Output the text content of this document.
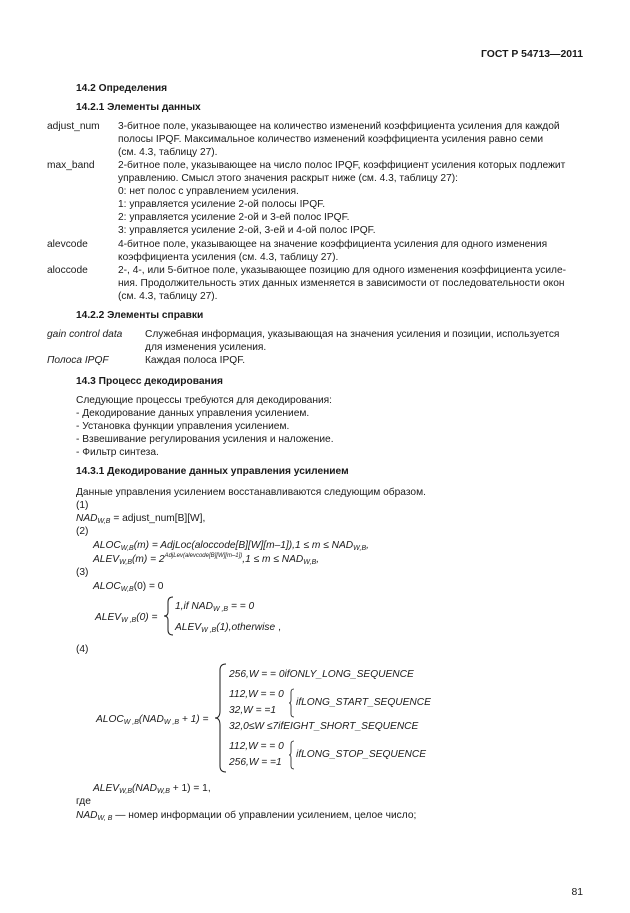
ГОСТ Р 54713—2011
14.2 Определения
14.2.1 Элементы данных
adjust_num 3-битное поле, указывающее на количество изменений коэффициента усиления для каждой
полосы IPQF. Максимальное количество изменений коэффициента усиления равно семи
(см. 4.3, таблицу 27).
max_band 2-битное поле, указывающее на число полос IPQF, коэффициент усиления которых подлежит
управлению. Смысл этого значения раскрыт ниже (см. 4.3, таблицу 27):
0: нет полос с управлением усиления.
1: управляется усиление 2-ой полосы IPQF.
2: управляется усиление 2-ой и 3-ей полос IPQF.
3: управляется усиление 2-ой, 3-ей и 4-ой полос IPQF.
alevcode	4-битное поле, указывающее на значение коэффициента усиления для одного изменения
коэффициента усиления (см. 4.3, таблицу 27).
aloccode	2-, 4-, или 5-битное поле, указывающее позицию для одного изменения коэффициента усиле-
ния. Продолжительность этих данных изменяется в зависимости от последовательности окон
(см. 4.3, таблицу 27).
14.2.2 Элементы справки
gain control data Служебная информация, указывающая на значения усиления и позиции, используется
для изменения усиления.
Полоса IPQF	Каждая полоса IPQF.
14.3 Процесс декодирования
Следующие процессы требуются для декодирования:
- Декодирование данных управления усилением.
- Установка функции управления усилением.
- Взвешивание регулирования усиления и наложение.
- Фильтр синтеза.
14.3.1 Декодирование данных управления усилением
Данные управления усилением восстанавливаются следующим образом.
(1)
$NAD_{W,B}$ = adjust_num[B][W],
(2)
$ALOC_{W,B}(m)$ = AdjLoc(aloccode[B][W][m–1]),1 ≤ $m \le NAD_{W,B}$,
$ALEV_{W,B}(m) = 2^{AdjLev(alevcode[B][W][m-1])},1 \le m \le NAD_{W,B}$,
(3)
$ALOC_{W,B}(0) = 0$
$ALEV_{W ,B}(0)$ =
1,if $NAD_{W ,B}$ = = 0
$ALEV_{W ,B}(1),otherwise$ ,
(4)
$ALOC_{W ,B}(NAD_{W ,B} + 1)$ =
256,W = = 0ifONLY_LONG_SEQUENCE
112,W = = 0
32,W = =1
ifLONG_START_SEQUENCE
32,0≤W ≤7ifEIGHT_SHORT_SEQUENCE
112,W = = 0
256,W = =1
ifLONG_STOP_SEQUENCE
$ALEV_{W,B}(NAD_{W,B} + 1) = 1$,
где
$NAD_{W, B}$ — номер информации об управлении усилением, целое число;
81
